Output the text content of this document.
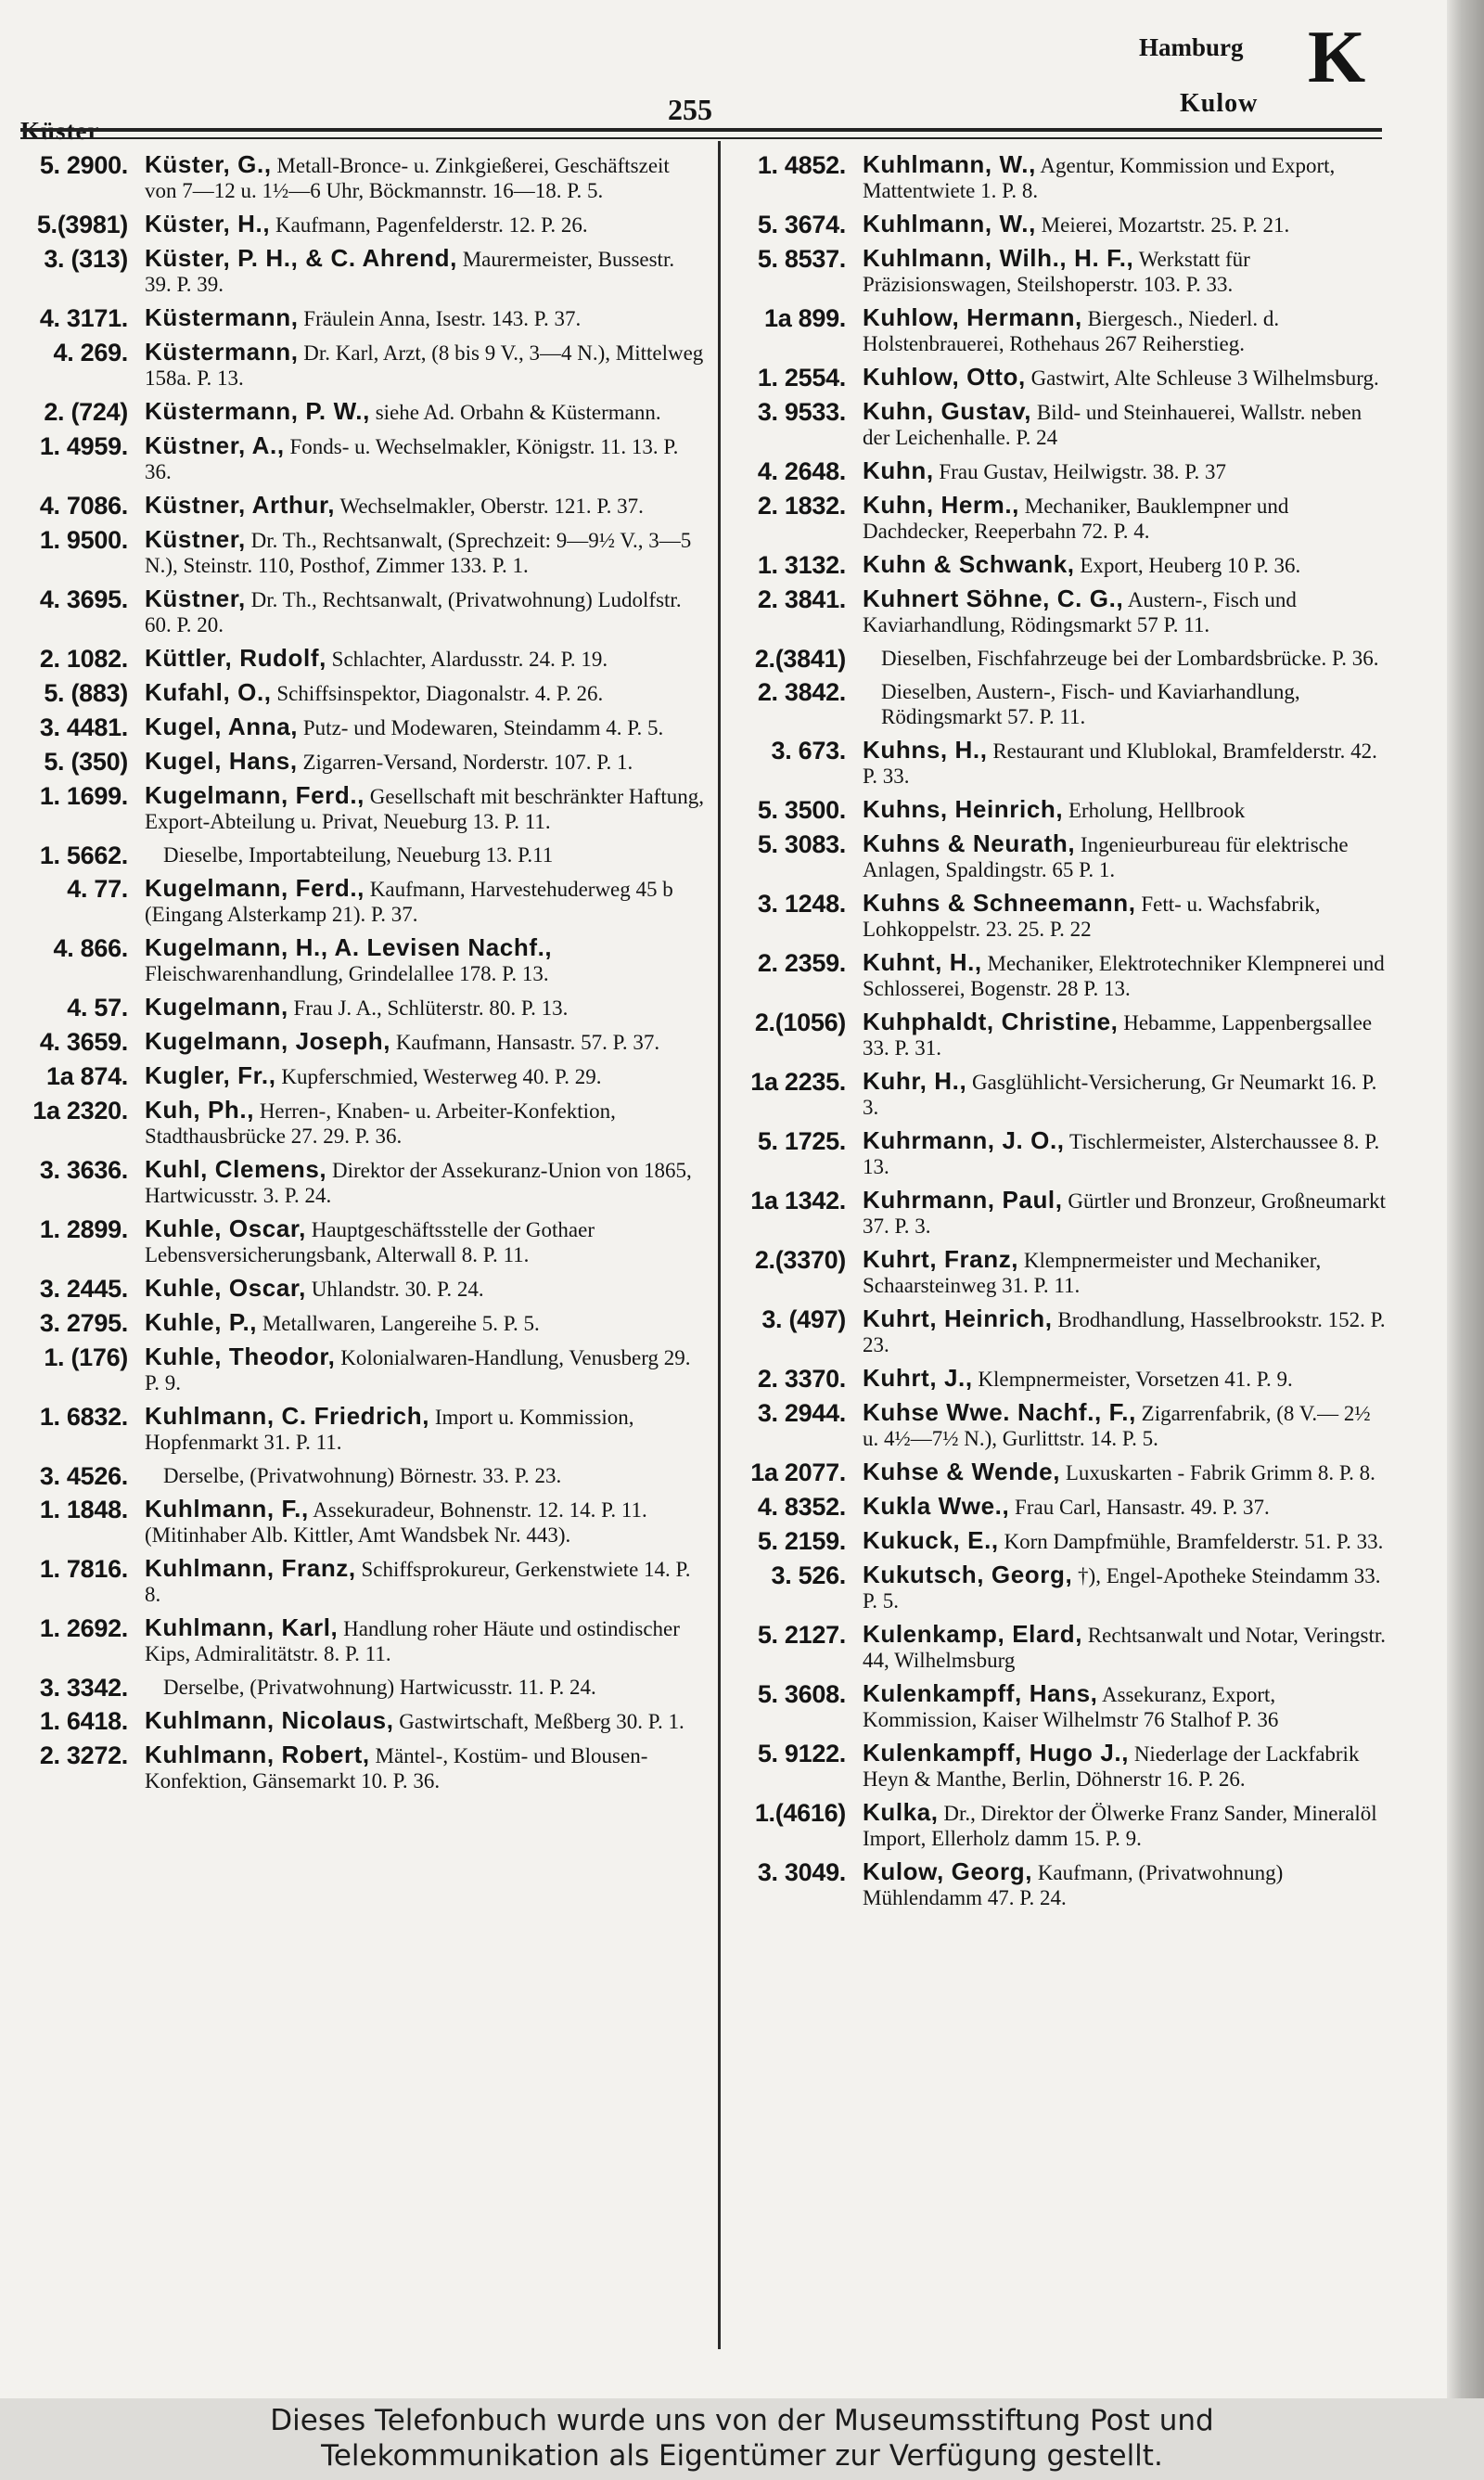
255
Hamburg
Kulow
K
5. 2900. Küster, G., Metall-Bronce- u. Zinkgießerei, Geschäftszeit von 7—12 u. 1½—6 Uhr, Böckmannstr. 16—18. P. 5.
5.(3981) Küster, H., Kaufmann, Pagenfelderstr. 12. P. 26.
3. (313) Küster, P. H., & C. Ahrend, Maurermeister, Bussestr. 39. P. 39.
4. 3171. Küstermann, Fräulein Anna, Isestr. 143. P. 37.
4. 269. Küstermann, Dr. Karl, Arzt, (8 bis 9 V., 3—4 N.), Mittelweg 158a. P. 13.
2. (724) Küstermann, P. W., siehe Ad. Orbahn & Küstermann.
1. 4959. Küstner, A., Fonds- u. Wechselmakler, Königstr. 11. 13. P. 36.
4. 7086. Küstner, Arthur, Wechselmakler, Oberstr. 121. P. 37.
1. 9500. Küstner, Dr. Th., Rechtsanwalt, (Sprechzeit: 9—9½ V., 3—5 N.), Steinstr. 110, Posthof, Zimmer 133. P. 1.
4. 3695. Küstner, Dr. Th., Rechtsanwalt, (Privatwohnung) Ludolfstr. 60. P. 20.
2. 1082. Küttler, Rudolf, Schlachter, Alardusstr. 24. P. 19.
5. (883) Kufahl, O., Schiffsinspektor, Diagonalstr. 4. P. 26.
3. 4481. Kugel, Anna, Putz- und Modewaren, Steindamm 4. P. 5.
5. (350) Kugel, Hans, Zigarren-Versand, Norderstr. 107. P. 1.
1. 1699. Kugelmann, Ferd., Gesellschaft mit beschränkter Haftung, Export-Abteilung u. Privat, Neueburg 13. P. 11.
1. 5662. Dieselbe, Importabteilung, Neueburg 13. P.11
4. 77. Kugelmann, Ferd., Kaufmann, Harvestehuderweg 45 b (Eingang Alsterkamp 21). P. 37.
4. 866. Kugelmann, H., A. Levisen Nachf., Fleischwarenhandlung, Grindelallee 178. P. 13.
4. 57. Kugelmann, Frau J. A., Schlüterstr. 80. P. 13.
4. 3659. Kugelmann, Joseph, Kaufmann, Hansastr. 57. P. 37.
1a 874. Kugler, Fr., Kupferschmied, Westerweg 40. P. 29.
1a 2320. Kuh, Ph., Herren-, Knaben- u. Arbeiter-Konfektion, Stadthausbrücke 27. 29. P. 36.
3. 3636. Kuhl, Clemens, Direktor der Assekuranz-Union von 1865, Hartwicusstr. 3. P. 24.
1. 2899. Kuhle, Oscar, Hauptgeschäftsstelle der Gothaer Lebensversicherungsbank, Alterwall 8. P. 11.
3. 2445. Kuhle, Oscar, Uhlandstr. 30. P. 24.
3. 2795. Kuhle, P., Metallwaren, Langereihe 5. P. 5.
1. (176) Kuhle, Theodor, Kolonialwaren-Handlung, Venusberg 29. P. 9.
1. 6832. Kuhlmann, C. Friedrich, Import u. Kommission, Hopfenmarkt 31. P. 11.
3. 4526. Derselbe, (Privatwohnung) Börnestr. 33. P. 23.
1. 1848. Kuhlmann, F., Assekuradeur, Bohnenstr. 12. 14. P. 11. (Mitinhaber Alb. Kittler, Amt Wandsbek Nr. 443).
1. 7816. Kuhlmann, Franz, Schiffsprokureur, Gerkenstwiete 14. P. 8.
1. 2692. Kuhlmann, Karl, Handlung roher Häute und ostindischer Kips, Admiralitätstr. 8. P. 11.
3. 3342. Derselbe, (Privatwohnung) Hartwicusstr. 11. P. 24.
1. 6418. Kuhlmann, Nicolaus, Gastwirtschaft, Meßberg 30. P. 1.
2. 3272. Kuhlmann, Robert, Mäntel-, Kostüm- und Blousen-Konfektion, Gänsemarkt 10. P. 36.
1. 4852. Kuhlmann, W., Agentur, Kommission und Export, Mattentwiete 1. P. 8.
5. 3674. Kuhlmann, W., Meierei, Mozartstr. 25. P. 21.
5. 8537. Kuhlmann, Wilh., H. F., Werkstatt für Präzisionswagen, Steilshoperstr. 103. P. 33.
1a 899. Kuhlow, Hermann, Biergesch., Niederl. d. Holstenbrauerei, Rothehaus 267 Reiherstieg.
1. 2554. Kuhlow, Otto, Gastwirt, Alte Schleuse 3 Wilhelmsburg.
3. 9533. Kuhn, Gustav, Bild- und Steinhauerei, Wallstr. neben der Leichenhalle. P. 24
4. 2648. Kuhn, Frau Gustav, Heilwigstr. 38. P. 37
2. 1832. Kuhn, Herm., Mechaniker, Bauklempner und Dachdecker, Reeperbahn 72. P. 4.
1. 3132. Kuhn & Schwank, Export, Heuberg 10 P. 36.
2. 3841. Kuhnert Söhne, C. G., Austern-, Fisch und Kaviarhandlung, Rödingsmarkt 57 P. 11.
2.(3841) Dieselben, Fischfahrzeuge bei der Lombardsbrücke. P. 36.
2. 3842. Dieselben, Austern-, Fisch- und Kaviarhandlung, Rödingsmarkt 57. P. 11.
3. 673. Kuhns, H., Restaurant und Klublokal, Bramfelderstr. 42. P. 33.
5. 3500. Kuhns, Heinrich, Erholung, Hellbrook
5. 3083. Kuhns & Neurath, Ingenieurbureau für elektrische Anlagen, Spaldingstr. 65 P. 1.
3. 1248. Kuhns & Schneemann, Fett- u. Wachsfabrik, Lohkoppelstr. 23. 25. P. 22
2. 2359. Kuhnt, H., Mechaniker, Elektrotechniker Klempnerei und Schlosserei, Bogenstr. 28 P. 13.
2.(1056) Kuhphaldt, Christine, Hebamme, Lappenbergsallee 33. P. 31.
1a 2235. Kuhr, H., Gasglühlicht-Versicherung, Gr Neumarkt 16. P. 3.
5. 1725. Kuhrmann, J. O., Tischlermeister, Alsterchaussee 8. P. 13.
1a 1342. Kuhrmann, Paul, Gürtler und Bronzeur, Großneumarkt 37. P. 3.
2.(3370) Kuhrt, Franz, Klempnermeister und Mechaniker, Schaarsteinweg 31. P. 11.
3. (497) Kuhrt, Heinrich, Brodhandlung, Hasselbrookstr. 152. P. 23.
2. 3370. Kuhrt, J., Klempnermeister, Vorsetzen 41. P. 9.
3. 2944. Kuhse Wwe. Nachf., F., Zigarrenfabrik, (8 V.— 2½ u. 4½—7½ N.), Gurlittstr. 14. P. 5.
1a 2077. Kuhse & Wende, Luxuskarten - Fabrik Grimm 8. P. 8.
4. 8352. Kukla Wwe., Frau Carl, Hansastr. 49. P. 37.
5. 2159. Kukuck, E., Korn Dampfmühle, Bramfelderstr. 51. P. 33.
3. 526. Kukutsch, Georg, †), Engel-Apotheke Steindamm 33. P. 5.
5. 2127. Kulenkamp, Elard, Rechtsanwalt und Notar, Veringstr. 44, Wilhelmsburg
5. 3608. Kulenkampff, Hans, Assekuranz, Export, Kommission, Kaiser Wilhelmstr 76 Stalhof P. 36
5. 9122. Kulenkampff, Hugo J., Niederlage der Lackfabrik Heyn & Manthe, Berlin, Döhnerstr 16. P. 26.
1.(4616) Kulka, Dr., Direktor der Ölwerke Franz Sander, Mineralöl Import, Ellerholz damm 15. P. 9.
3. 3049. Kulow, Georg, Kaufmann, (Privatwohnung) Mühlendamm 47. P. 24.
Dieses Telefonbuch wurde uns von der Museumsstiftung Post und
Telekommunikation als Eigentümer zur Verfügung gestellt.
